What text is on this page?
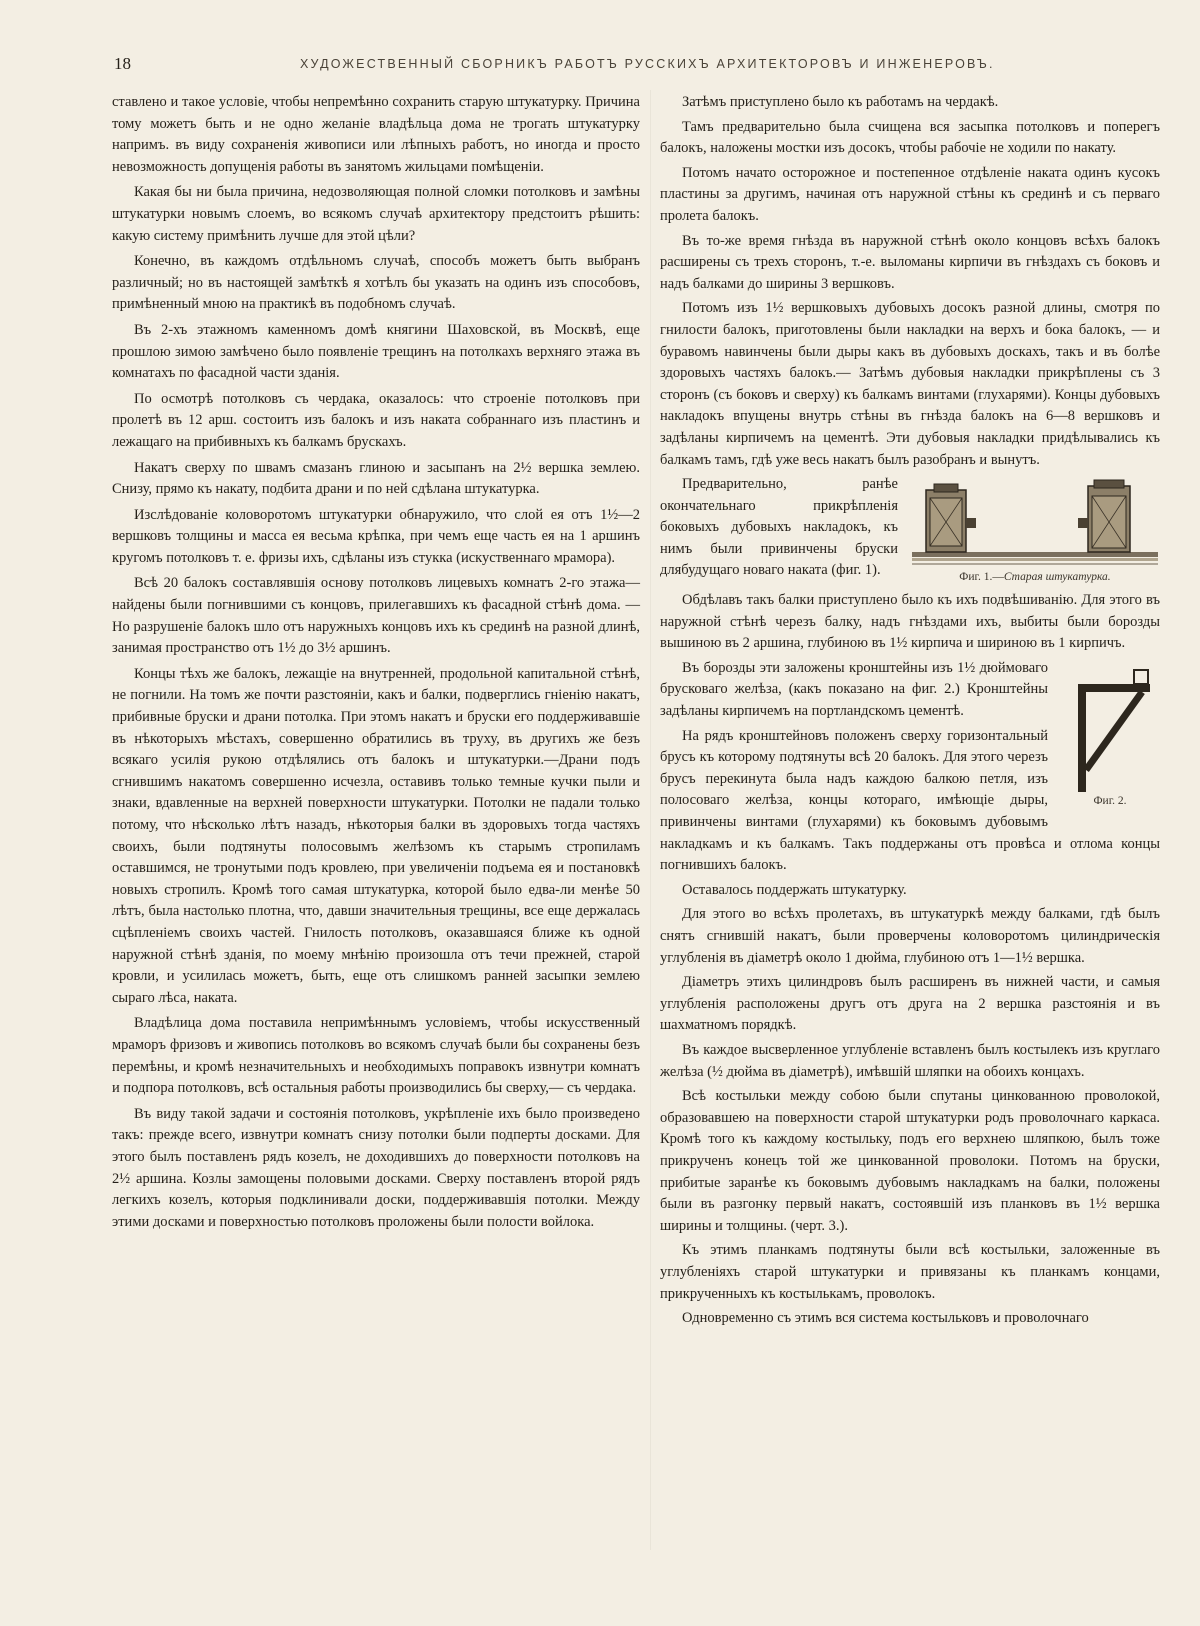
18	ХУДОЖЕСТВЕННЫЙ СБОРНИКЪ РАБОТЪ РУССКИХЪ АРХИТЕКТОРОВЪ И ИНЖЕНЕРОВЪ.

ставлено и такое условіе, чтобы непремѣнно сохранить старую штукатурку. Причина тому можетъ быть и не одно желаніе владѣльца дома не трогать штукатурку напримъ. въ виду сохраненія живописи или лѣпныхъ работъ, но иногда и просто невозможность допущенія работы въ занятомъ жильцами помѣщеніи.

Какая бы ни была причина, недозволяющая полной сломки потолковъ и замѣны штукатурки новымъ слоемъ, во всякомъ случаѣ архитектору предстоитъ рѣшить: какую систему примѣнить лучше для этой цѣли?

Конечно, въ каждомъ отдѣльномъ случаѣ, способъ можетъ быть выбранъ различный; но въ настоящей замѣткѣ я хотѣлъ бы указать на одинъ изъ способовъ, примѣненный мною на практикѣ въ подобномъ случаѣ.

Въ 2-хъ этажномъ каменномъ домѣ княгини Шаховской, въ Москвѣ, еще прошлою зимою замѣчено было появленіе трещинъ на потолкахъ верхняго этажа въ комнатахъ по фасадной части зданія.

По осмотрѣ потолковъ съ чердака, оказалось: что строеніе потолковъ при пролетѣ въ 12 арш. состоитъ изъ балокъ и изъ наката собраннаго изъ пластинъ и лежащаго на прибивныхъ къ балкамъ брускахъ.

Накатъ сверху по швамъ смазанъ глиною и засыпанъ на 2½ вершка землею. Снизу, прямо къ накату, подбита драни и по ней сдѣлана штукатурка.

Изслѣдованіе коловоротомъ штукатурки обнаружило, что слой ея отъ 1½—2 вершковъ толщины и масса ея весьма крѣпка, при чемъ еще часть ея на 1 аршинъ кругомъ потолковъ т. е. фризы ихъ, сдѣланы изъ стукка (искуственнаго мрамора).

Всѣ 20 балокъ составлявшія основу потолковъ лицевыхъ комнатъ 2-го этажа—найдены были погнившими съ концовъ, прилегавшихъ къ фасадной стѣнѣ дома. — Но разрушеніе балокъ шло отъ наружныхъ концовъ ихъ къ срединѣ на разной длинѣ, занимая пространство отъ 1½ до 3½ аршинъ.

Концы тѣхъ же балокъ, лежащіе на внутренней, продольной капитальной стѣнѣ, не погнили. На томъ же почти разстояніи, какъ и балки, подверглись гніенію накатъ, прибивные бруски и драни потолка. При этомъ накатъ и бруски его поддерживавшіе въ нѣкоторыхъ мѣстахъ, совершенно обратились въ труху, въ другихъ же безъ всякаго усилія рукою отдѣлялись отъ балокъ и штукатурки.—Драни подъ сгнившимъ накатомъ совершенно исчезла, оставивъ только темные кучки пыли и знаки, вдавленные на верхней поверхности штукатурки. Потолки не падали только потому, что нѣсколько лѣтъ назадъ, нѣкоторыя балки въ здоровыхъ тогда частяхъ своихъ, были подтянуты полосовымъ желѣзомъ къ старымъ стропиламъ оставшимся, не тронутыми подъ кровлею, при увеличеніи подъема ея и постановкѣ новыхъ стропилъ. Кромѣ того самая штукатурка, которой было едва-ли менѣе 50 лѣтъ, была настолько плотна, что, давши значительныя трещины, все еще держалась сцѣпленіемъ своихъ частей. Гнилость потолковъ, оказавшаяся ближе къ одной наружной стѣнѣ зданія, по моему мнѣнію произошла отъ течи прежней, старой кровли, и усилилась можетъ, быть, еще отъ слишкомъ ранней засыпки землею сыраго лѣса, наката.

Владѣлица дома поставила непримѣннымъ условіемъ, чтобы искусственный мраморъ фризовъ и живопись потолковъ во всякомъ случаѣ были бы сохранены безъ перемѣны, и кромѣ незначительныхъ и необходимыхъ поправокъ извнутри комнатъ и подпора потолковъ, всѣ остальныя работы производились бы сверху,— съ чердака.

Въ виду такой задачи и состоянія потолковъ, укрѣпленіе ихъ было произведено такъ: прежде всего, извнутри комнатъ снизу потолки были подперты досками. Для этого былъ поставленъ рядъ козелъ, не доходившихъ до поверхности потолковъ на 2½ аршина. Козлы замощены половыми досками. Сверху поставленъ второй рядъ легкихъ козелъ, которыя подклинивали доски, поддерживавшія потолки. Между этими досками и поверхностью потолковъ проложены были полости войлока.

Затѣмъ приступлено было къ работамъ на чердакѣ.

Тамъ предварительно была счищена вся засыпка потолковъ и поперегъ балокъ, наложены мостки изъ досокъ, чтобы рабочіе не ходили по накату.

Потомъ начато осторожное и постепенное отдѣленіе наката одинъ кусокъ пластины за другимъ, начиная отъ наружной стѣны къ срединѣ и съ перваго пролета балокъ.

Въ то-же время гнѣзда въ наружной стѣнѣ около концовъ всѣхъ балокъ расширены съ трехъ сторонъ, т.-е. выломаны кирпичи въ гнѣздахъ съ боковъ и надъ балками до ширины 3 вершковъ.

Потомъ изъ 1½ вершковыхъ дубовыхъ досокъ разной длины, смотря по гнилости балокъ, приготовлены были накладки на верхъ и бока балокъ, — и буравомъ навинчены были дыры какъ въ дубовыхъ доскахъ, такъ и въ болѣе здоровыхъ частяхъ балокъ.— Затѣмъ дубовыя накладки прикрѣплены съ 3 сторонъ (съ боковъ и сверху) къ балкамъ винтами (глухарями). Концы дубовыхъ накладокъ впущены внутрь стѣны въ гнѣзда балокъ на 6—8 вершковъ и задѣланы кирпичемъ на цементѣ. Эти дубовыя накладки придѣлывались къ балкамъ тамъ, гдѣ уже весь накатъ былъ разобранъ и вынутъ.

Фиг. 1.—Старая штукатурка.

Предварительно, ранѣе окончательнаго прикрѣпленія боковыхъ дубовыхъ накладокъ, къ нимъ были привинчены бруски длябудущаго новаго наката (фиг. 1).

Обдѣлавъ такъ балки приступлено было къ ихъ подвѣшиванію. Для этого въ наружной стѣнѣ черезъ балку, надъ гнѣздами ихъ, выбиты были борозды вышиною въ 2 аршина, глубиною въ 1½ кирпича и шириною въ 1 кирпичъ.

Фиг. 2.

Въ борозды эти заложены кронштейны изъ 1½ дюймоваго брусковаго желѣза, (какъ показано на фиг. 2.) Кронштейны задѣланы кирпичемъ на портландскомъ цементѣ.

На рядъ кронштейновъ положенъ сверху горизонтальный брусъ къ которому подтянуты всѣ 20 балокъ. Для этого черезъ брусъ перекинута была надъ каждою балкою петля, изъ полосоваго желѣза, концы котораго, имѣющіе дыры, привинчены винтами (глухарями) къ боковымъ дубовымъ накладкамъ и къ балкамъ. Такъ поддержаны отъ провѣса и отлома концы погнившихъ балокъ.

Оставалось поддержать штукатурку.

Для этого во всѣхъ пролетахъ, въ штукатуркѣ между балками, гдѣ былъ снятъ сгнившій накатъ, были проверчены коловоротомъ цилиндрическія углубленія въ діаметрѣ около 1 дюйма, глубиною отъ 1—1½ вершка.

Діаметръ этихъ цилиндровъ былъ расширенъ въ нижней части, и самыя углубленія расположены другъ отъ друга на 2 вершка разстоянія и въ шахматномъ порядкѣ.

Въ каждое высверленное углубленіе вставленъ былъ костылекъ изъ круглаго желѣза (½ дюйма въ діаметрѣ), имѣвшій шляпки на обоихъ концахъ.

Всѣ костыльки между собою были спутаны цинкованною проволокой, образовавшею на поверхности старой штукатурки родъ проволочнаго каркаса. Кромѣ того къ каждому костыльку, подъ его верхнею шляпкою, былъ тоже прикрученъ конецъ той же цинкованной проволоки. Потомъ на бруски, прибитые заранѣе къ боковымъ дубовымъ накладкамъ на балки, положены были въ разгонку первый накатъ, состоявшій изъ планковъ въ 1½ вершка ширины и толщины. (черт. 3.).

Къ этимъ планкамъ подтянуты были всѣ костыльки, заложенные въ углубленіяхъ старой штукатурки и привязаны къ планкамъ концами, прикрученныхъ къ костылькамъ, проволокъ.

Одновременно съ этимъ вся система костыльковъ и проволочнаго
